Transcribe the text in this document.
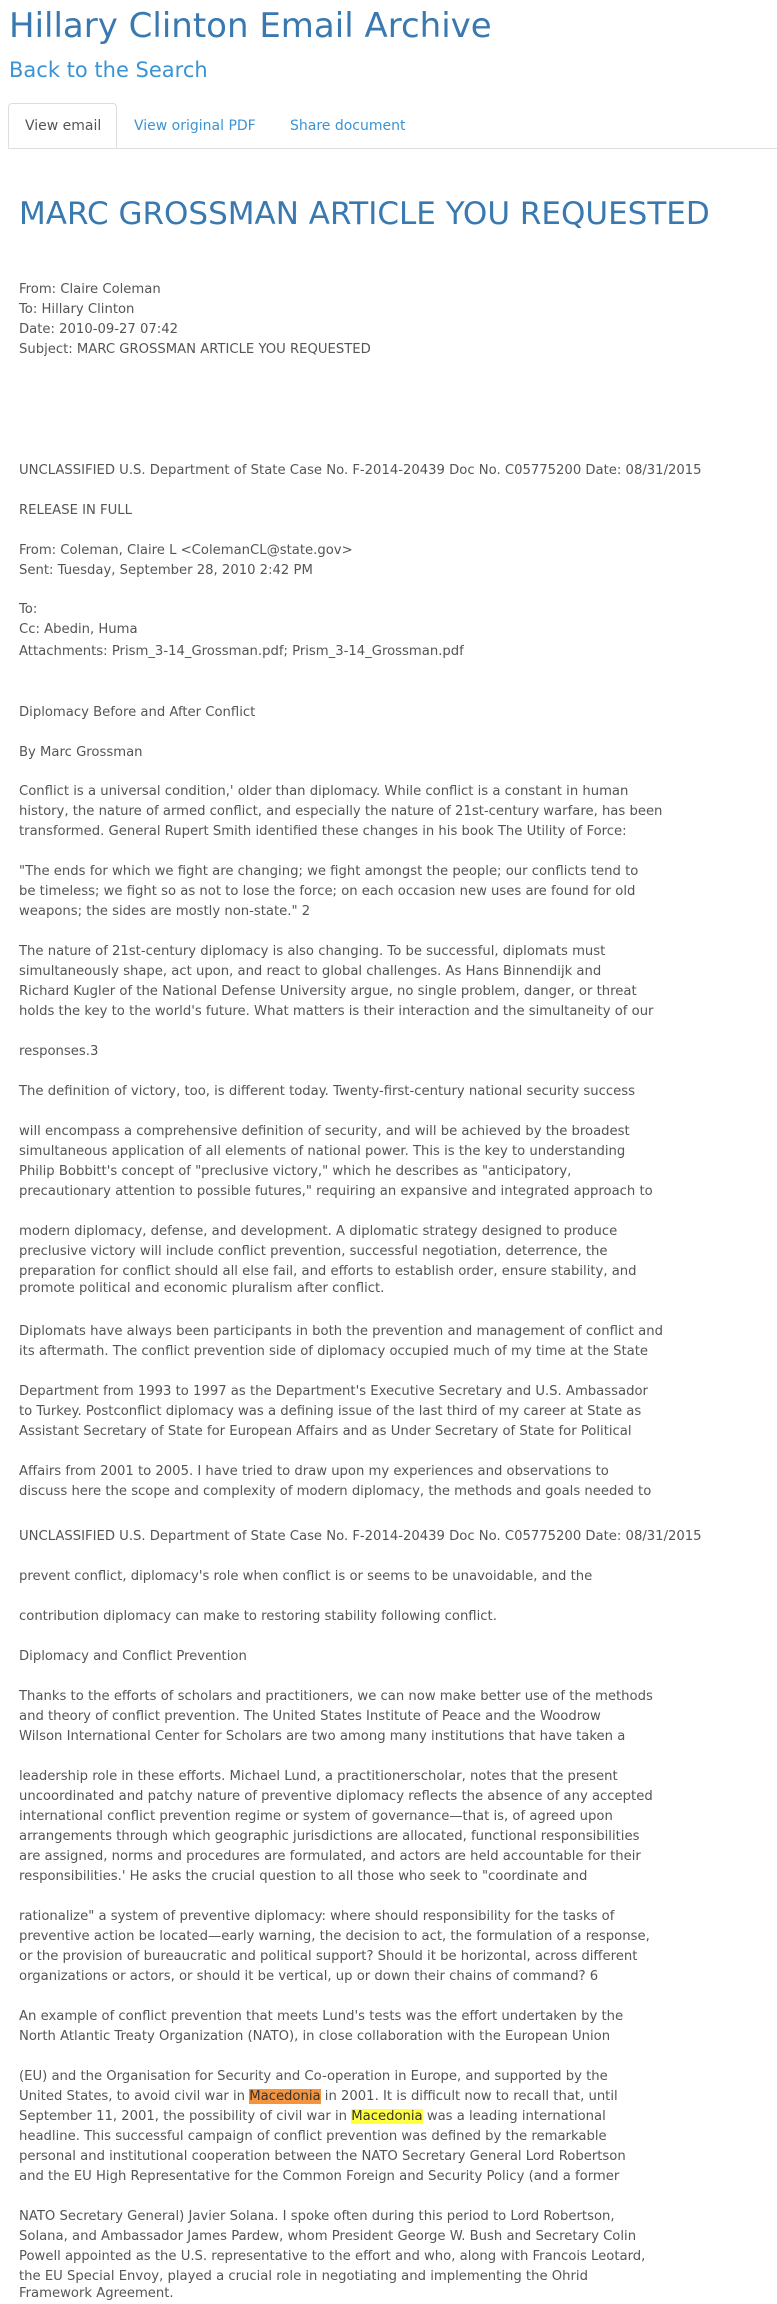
Hillary Clinton Email Archive
Back to the Search
View email	View original PDF Share document
MARC GROSSMAN ARTICLE YOU REQUESTED
From: Claire Coleman
To: Hillary Clinton
Date: 2010-09-27 07:42
Subject: MARC GROSSMAN ARTICLE YOU REQUESTED
UNCLASSIFIED U.S. Department of State Case No. F-2014-20439 Doc No. C05775200 Date: 08/31/2015
RELEASE IN FULL
From: Coleman, Claire L <ColemanCL@state.gov>
Sent: Tuesday, September 28, 2010 2:42 PM
To:
Cc: Abedin, Huma
Attachments: Prism_3-14_Grossman.pdf; Prism_3-14_Grossman.pdf
Diplomacy Before and After Conflict
By Marc Grossman
Conflict is a universal condition,' older than diplomacy. While conflict is a constant in human
history, the nature of armed conflict, and especially the nature of 21st-century warfare, has been
transformed. General Rupert Smith identified these changes in his book The Utility of Force:
"The ends for which we fight are changing; we fight amongst the people; our conflicts tend to
be timeless; we fight so as not to lose the force; on each occasion new uses are found for old
weapons; the sides are mostly non-state." 2
The nature of 21st-century diplomacy is also changing. To be successful, diplomats must
simultaneously shape, act upon, and react to global challenges. As Hans Binnendijk and
Richard Kugler of the National Defense University argue, no single problem, danger, or threat
holds the key to the world's future. What matters is their interaction and the simultaneity of our
responses.3
The definition of victory, too, is different today. Twenty-first-century national security success
will encompass a comprehensive definition of security, and will be achieved by the broadest
simultaneous application of all elements of national power. This is the key to understanding
Philip Bobbitt's concept of "preclusive victory," which he describes as "anticipatory,
precautionary attention to possible futures," requiring an expansive and integrated approach to
modern diplomacy, defense, and development. A diplomatic strategy designed to produce
preclusive victory will include conflict prevention, successful negotiation, deterrence, the
preparation for conflict should all else fail, and efforts to establish order, ensure stability, and
promote political and economic pluralism after conflict.
Diplomats have always been participants in both the prevention and management of conflict and
its aftermath. The conflict prevention side of diplomacy occupied much of my time at the State
Department from 1993 to 1997 as the Department's Executive Secretary and U.S. Ambassador
to Turkey. Postconflict diplomacy was a defining issue of the last third of my career at State as
Assistant Secretary of State for European Affairs and as Under Secretary of State for Political
Affairs from 2001 to 2005. I have tried to draw upon my experiences and observations to
discuss here the scope and complexity of modern diplomacy, the methods and goals needed to
UNCLASSIFIED U.S. Department of State Case No. F-2014-20439 Doc No. C05775200 Date: 08/31/2015
prevent conflict, diplomacy's role when conflict is or seems to be unavoidable, and the
contribution diplomacy can make to restoring stability following conflict.
Diplomacy and Conflict Prevention
Thanks to the efforts of scholars and practitioners, we can now make better use of the methods
and theory of conflict prevention. The United States Institute of Peace and the Woodrow
Wilson International Center for Scholars are two among many institutions that have taken a
leadership role in these efforts. Michael Lund, a practitionerscholar, notes that the present
uncoordinated and patchy nature of preventive diplomacy reflects the absence of any accepted
international conflict prevention regime or system of governance—that is, of agreed upon
arrangements through which geographic jurisdictions are allocated, functional responsibilities
are assigned, norms and procedures are formulated, and actors are held accountable for their
responsibilities.' He asks the crucial question to all those who seek to "coordinate and
rationalize" a system of preventive diplomacy: where should responsibility for the tasks of
preventive action be located—early warning, the decision to act, the formulation of a response,
or the provision of bureaucratic and political support? Should it be horizontal, across different
organizations or actors, or should it be vertical, up or down their chains of command? 6
An example of conflict prevention that meets Lund's tests was the effort undertaken by the
North Atlantic Treaty Organization (NATO), in close collaboration with the European Union
(EU) and the Organisation for Security and Co-operation in Europe, and supported by the
United States, to avoid civil war in Macedonia in 2001. It is difficult now to recall that, until
September 11, 2001, the possibility of civil war in Macedonia was a leading international
headline. This successful campaign of conflict prevention was defined by the remarkable
personal and institutional cooperation between the NATO Secretary General Lord Robertson
and the EU High Representative for the Common Foreign and Security Policy (and a former
NATO Secretary General) Javier Solana. I spoke often during this period to Lord Robertson,
Solana, and Ambassador James Pardew, whom President George W. Bush and Secretary Colin
Powell appointed as the U.S. representative to the effort and who, along with Francois Leotard,
the EU Special Envoy, played a crucial role in negotiating and implementing the Ohrid
Framework Agreement.
